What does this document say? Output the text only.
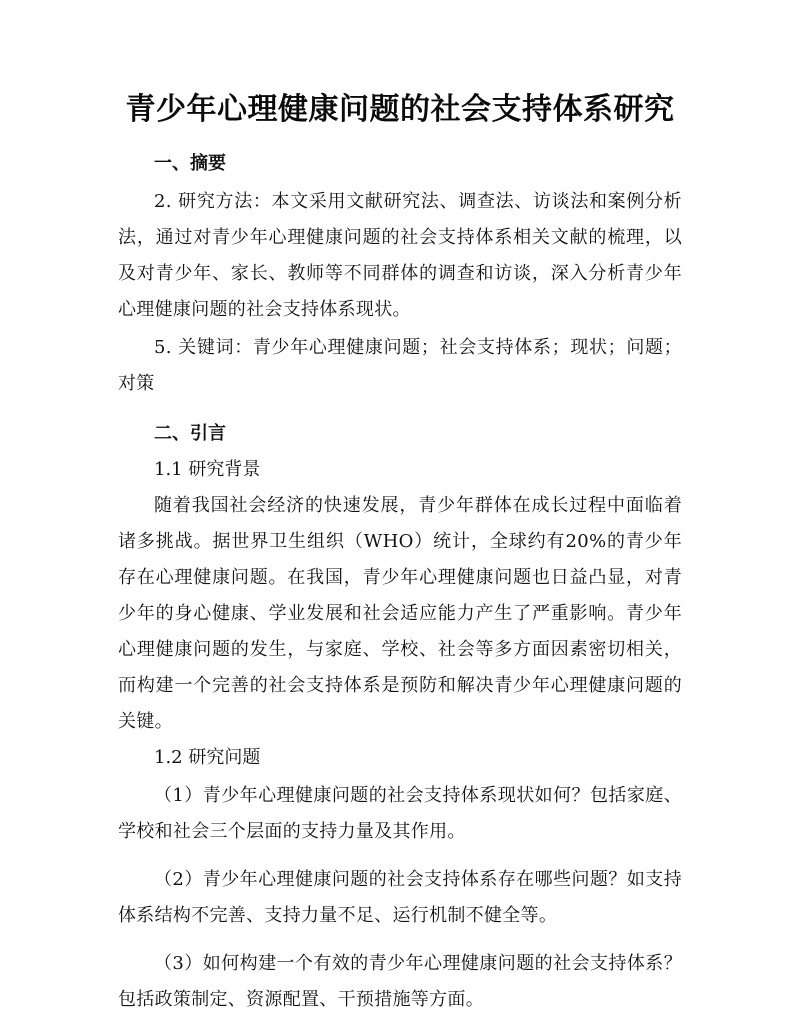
青少年心理健康问题的社会支持体系研究
一、摘要

2. 研究方法：本文采用文献研究法、调查法、访谈法和案例分析法，通过对青少年心理健康问题的社会支持体系相关文献的梳理，以及对青少年、家长、教师等不同群体的调查和访谈，深入分析青少年心理健康问题的社会支持体系现状。

5. 关键词：青少年心理健康问题；社会支持体系；现状；问题；对策

二、引言

1.1 研究背景

随着我国社会经济的快速发展，青少年群体在成长过程中面临着诸多挑战。据世界卫生组织（WHO）统计，全球约有20%的青少年存在心理健康问题。在我国，青少年心理健康问题也日益凸显，对青少年的身心健康、学业发展和社会适应能力产生了严重影响。青少年心理健康问题的发生，与家庭、学校、社会等多方面因素密切相关，而构建一个完善的社会支持体系是预防和解决青少年心理健康问题的关键。

1.2 研究问题

（1）青少年心理健康问题的社会支持体系现状如何？包括家庭、学校和社会三个层面的支持力量及其作用。

（2）青少年心理健康问题的社会支持体系存在哪些问题？如支持体系结构不完善、支持力量不足、运行机制不健全等。

（3）如何构建一个有效的青少年心理健康问题的社会支持体系？包括政策制定、资源配置、干预措施等方面。
